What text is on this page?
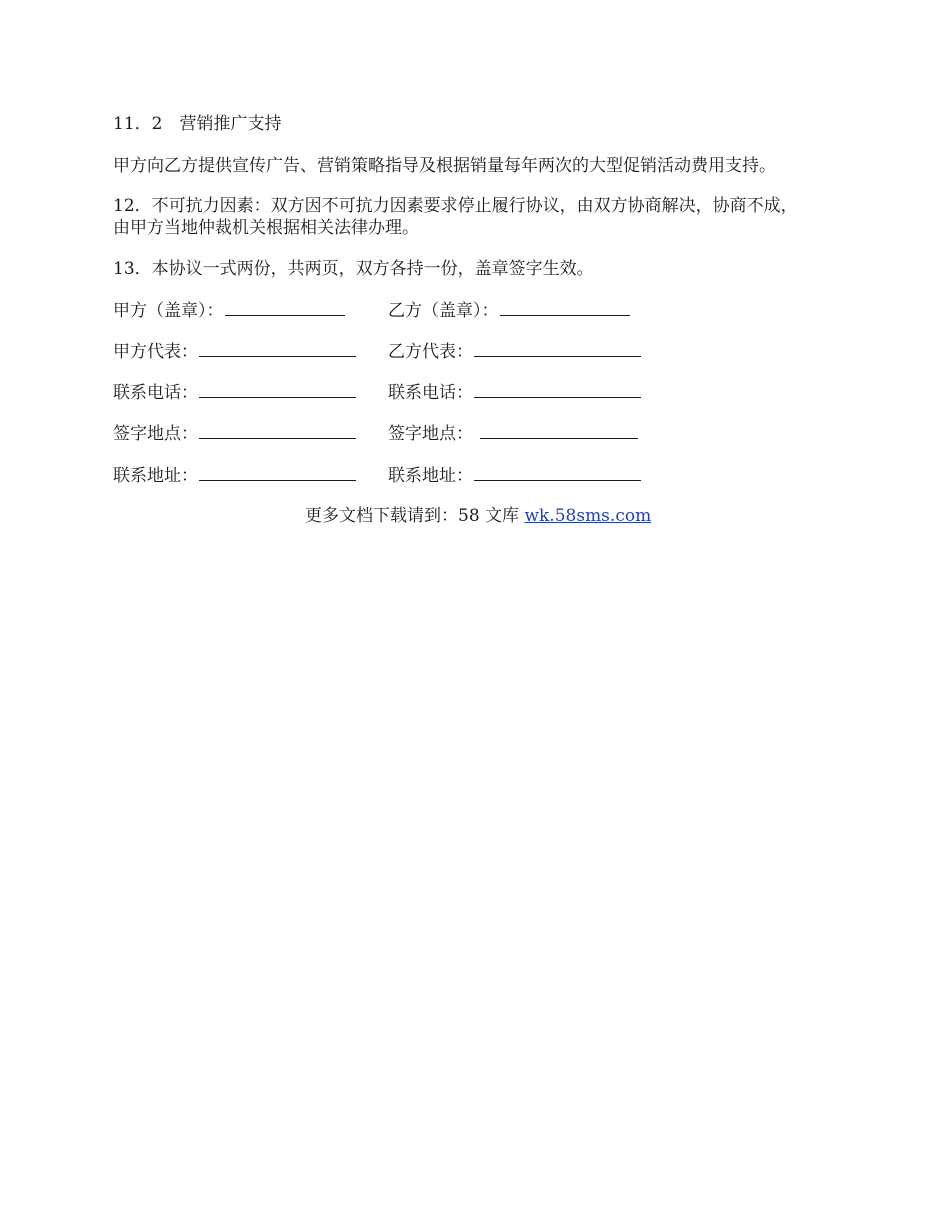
11．2　营销推广支持
甲方向乙方提供宣传广告、营销策略指导及根据销量每年两次的大型促销活动费用支持。
12．不可抗力因素：双方因不可抗力因素要求停止履行协议，由双方协商解决，协商不成，
由甲方当地仲裁机关根据相关法律办理。
13．本协议一式两份，共两页，双方各持一份，盖章签字生效。
甲方（盖章）：	乙方（盖章）：
甲方代表：	乙方代表：
联系电话：	联系电话：
签字地点：	签字地点：
联系地址：	联系地址：
更多文档下载请到：58 文库 wk.58sms.com
